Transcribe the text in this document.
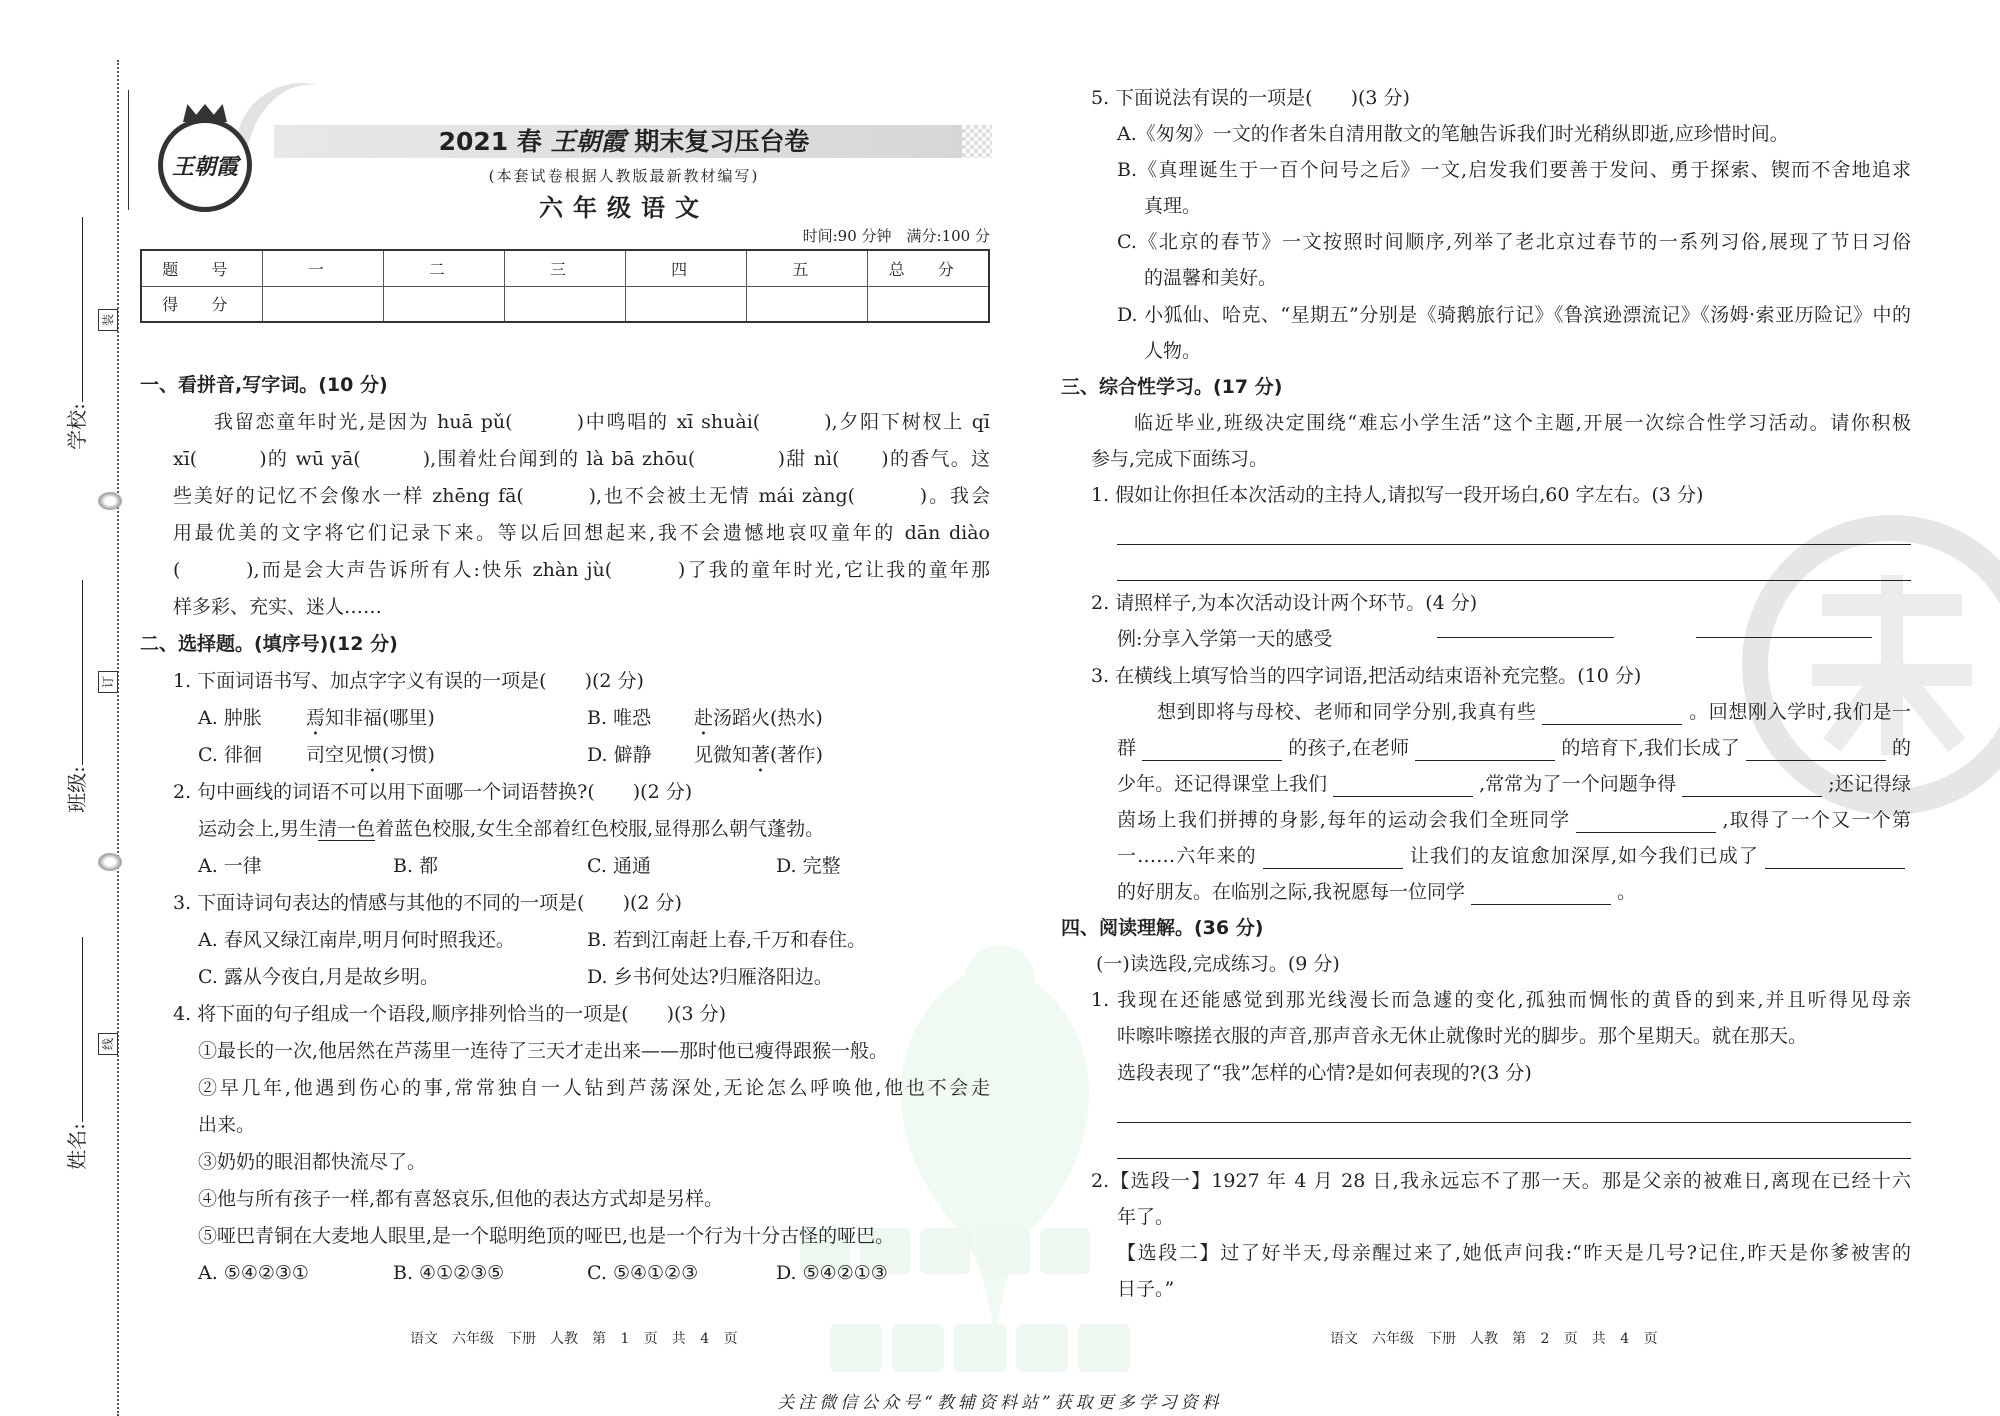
学校:
班级:
姓名:
装
订
线
王朝霞
2021 春 王朝霞 期末复习压台卷
(本套试卷根据人教版最新教材编写)
六年级语文
时间:90 分钟　满分:100 分
题 号	一	二	三	四	五	总 分
得 分						
一、看拼音,写字词。(10 分)
我留恋童年时光,是因为 huā pǔ(　　　)中鸣唱的 xī shuài(　　　),夕阳下树杈上 qī
xī(　　　)的 wū yā(　　　),围着灶台闻到的 là bā zhōu(　　　　)甜 nì(　　)的香气。这
些美好的记忆不会像水一样 zhēng fā(　　　),也不会被土无情 mái zàng(　　　)。我会
用最优美的文字将它们记录下来。等以后回想起来,我不会遗憾地哀叹童年的 dān diào
(　　　),而是会大声告诉所有人:快乐 zhàn jù(　　　)了我的童年时光,它让我的童年那
样多彩、充实、迷人……
二、选择题。(填序号)(12 分)
1. 下面词语书写、加点字字义有误的一项是(　　)(2 分)
A. 肿胀 焉知非福(哪里)	B. 唯恐 赴汤蹈火(热水)
C. 徘徊 司空见惯(习惯)	D. 僻静 见微知著(著作)
2. 句中画线的词语不可以用下面哪一个词语替换?(　　)(2 分)
运动会上,男生清一色着蓝色校服,女生全部着红色校服,显得那么朝气蓬勃。
A. 一律	B. 都	C. 通通	D. 完整
3. 下面诗词句表达的情感与其他的不同的一项是(　　)(2 分)
A. 春风又绿江南岸,明月何时照我还。	B. 若到江南赶上春,千万和春住。
C. 露从今夜白,月是故乡明。	D. 乡书何处达?归雁洛阳边。
4. 将下面的句子组成一个语段,顺序排列恰当的一项是(　　)(3 分)
①最长的一次,他居然在芦荡里一连待了三天才走出来——那时他已瘦得跟猴一般。
②早几年,他遇到伤心的事,常常独自一人钻到芦荡深处,无论怎么呼唤他,他也不会走
出来。
③奶奶的眼泪都快流尽了。
④他与所有孩子一样,都有喜怒哀乐,但他的表达方式却是另样。
⑤哑巴青铜在大麦地人眼里,是一个聪明绝顶的哑巴,也是一个行为十分古怪的哑巴。
A. ⑤④②③①	B. ④①②③⑤	C. ⑤④①②③	D. ⑤④②①③
5. 下面说法有误的一项是(　　)(3 分)
A.《匆匆》一文的作者朱自清用散文的笔触告诉我们时光稍纵即逝,应珍惜时间。
B.《真理诞生于一百个问号之后》一文,启发我们要善于发问、勇于探索、锲而不舍地追求
真理。
C.《北京的春节》一文按照时间顺序,列举了老北京过春节的一系列习俗,展现了节日习俗
的温馨和美好。
D. 小狐仙、哈克、“星期五”分别是《骑鹅旅行记》《鲁滨逊漂流记》《汤姆·索亚历险记》中的
人物。
三、综合性学习。(17 分)
临近毕业,班级决定围绕“难忘小学生活”这个主题,开展一次综合性学习活动。请你积极
参与,完成下面练习。
1. 假如让你担任本次活动的主持人,请拟写一段开场白,60 字左右。(3 分)
2. 请照样子,为本次活动设计两个环节。(4 分)
例:分享入学第一天的感受
3. 在横线上填写恰当的四字词语,把活动结束语补充完整。(10 分)
想到即将与母校、老师和同学分别,我真有些	。回想刚入学时,我们是一
群	的孩子,在老师	的培育下,我们长成了	的
少年。还记得课堂上我们	,常常为了一个问题争得	;还记得绿
茵场上我们拼搏的身影,每年的运动会我们全班同学	,取得了一个又一个第
一……六年来的	让我们的友谊愈加深厚,如今我们已成了
的好朋友。在临别之际,我祝愿每一位同学	。
四、阅读理解。(36 分)
(一)读选段,完成练习。(9 分)
1. 我现在还能感觉到那光线漫长而急遽的变化,孤独而惆怅的黄昏的到来,并且听得见母亲
咔嚓咔嚓搓衣服的声音,那声音永无休止就像时光的脚步。那个星期天。就在那天。
选段表现了“我”怎样的心情?是如何表现的?(3 分)
2.【选段一】1927 年 4 月 28 日,我永远忘不了那一天。那是父亲的被难日,离现在已经十六
年了。
【选段二】过了好半天,母亲醒过来了,她低声问我:“昨天是几号?记住,昨天是你爹被害的
日子。”
语文　六年级　下册　人教　第 1 页　共 4 页	语文　六年级　下册　人教　第 2 页　共 4 页
关注微信公众号“教辅资料站”获取更多学习资料
